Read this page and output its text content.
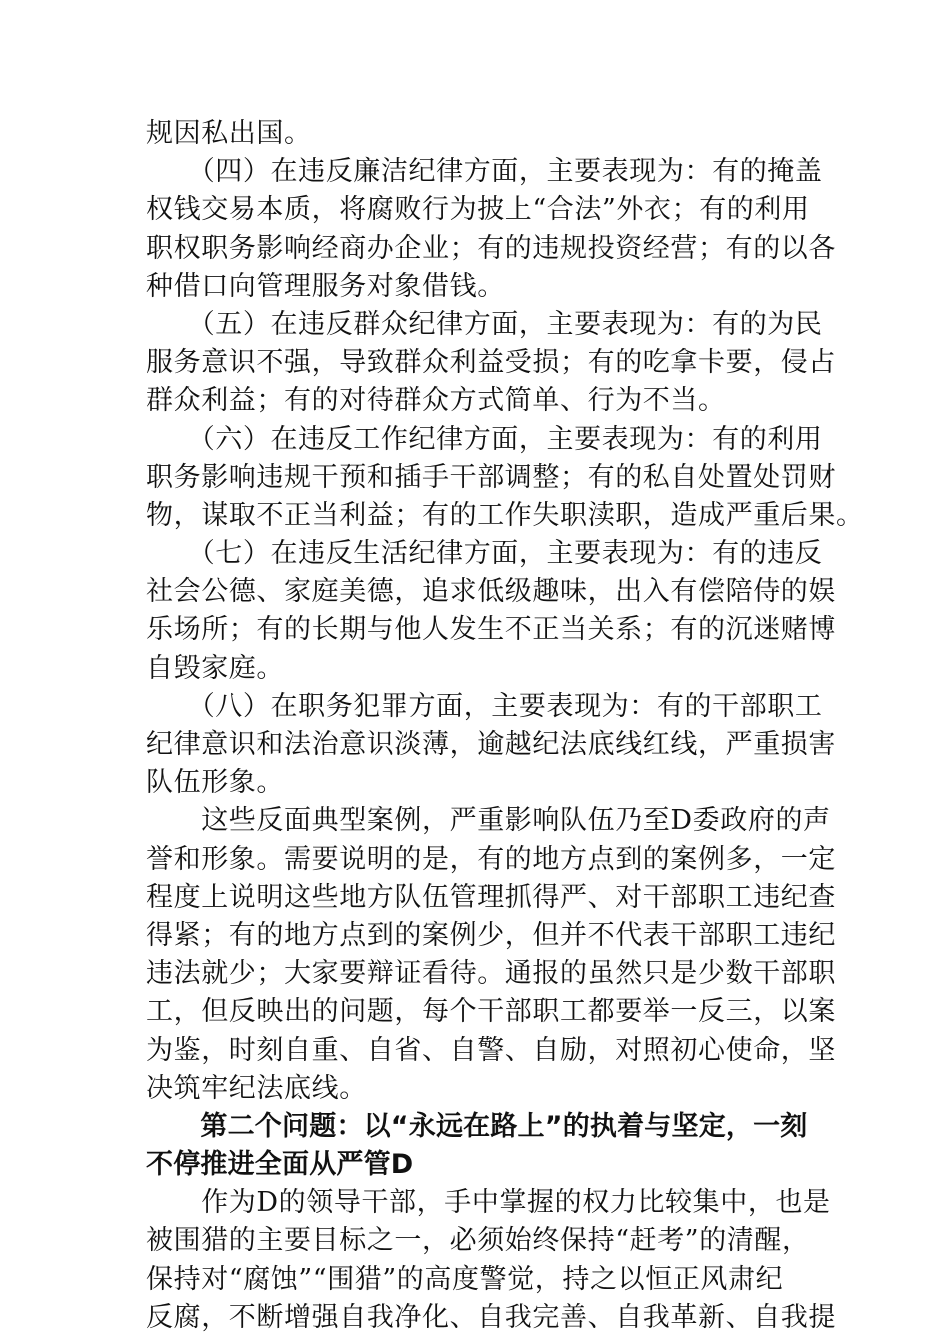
规因私出国。
　　（四）在违反廉洁纪律方面，主要表现为：有的掩盖
权钱交易本质，将腐败行为披上“合法”外衣；有的利用
职权职务影响经商办企业；有的违规投资经营；有的以各
种借口向管理服务对象借钱。
　　（五）在违反群众纪律方面，主要表现为：有的为民
服务意识不强，导致群众利益受损；有的吃拿卡要，侵占
群众利益；有的对待群众方式简单、行为不当。
　　（六）在违反工作纪律方面，主要表现为：有的利用
职务影响违规干预和插手干部调整；有的私自处置处罚财
物，谋取不正当利益；有的工作失职渎职，造成严重后果。
　　（七）在违反生活纪律方面，主要表现为：有的违反
社会公德、家庭美德，追求低级趣味，出入有偿陪侍的娱
乐场所；有的长期与他人发生不正当关系；有的沉迷赌博
自毁家庭。
　　（八）在职务犯罪方面，主要表现为：有的干部职工
纪律意识和法治意识淡薄，逾越纪法底线红线，严重损害
队伍形象。
　　这些反面典型案例，严重影响队伍乃至D委政府的声
誉和形象。需要说明的是，有的地方点到的案例多，一定
程度上说明这些地方队伍管理抓得严、对干部职工违纪查
得紧；有的地方点到的案例少，但并不代表干部职工违纪
违法就少；大家要辩证看待。通报的虽然只是少数干部职
工，但反映出的问题，每个干部职工都要举一反三，以案
为鉴，时刻自重、自省、自警、自励，对照初心使命，坚
决筑牢纪法底线。
　　第二个问题：以“永远在路上”的执着与坚定，一刻
不停推进全面从严管D
　　作为D的领导干部，手中掌握的权力比较集中，也是
被围猎的主要目标之一，必须始终保持“赶考”的清醒，
保持对“腐蚀”“围猎”的高度警觉，持之以恒正风肃纪
反腐，不断增强自我净化、自我完善、自我革新、自我提
